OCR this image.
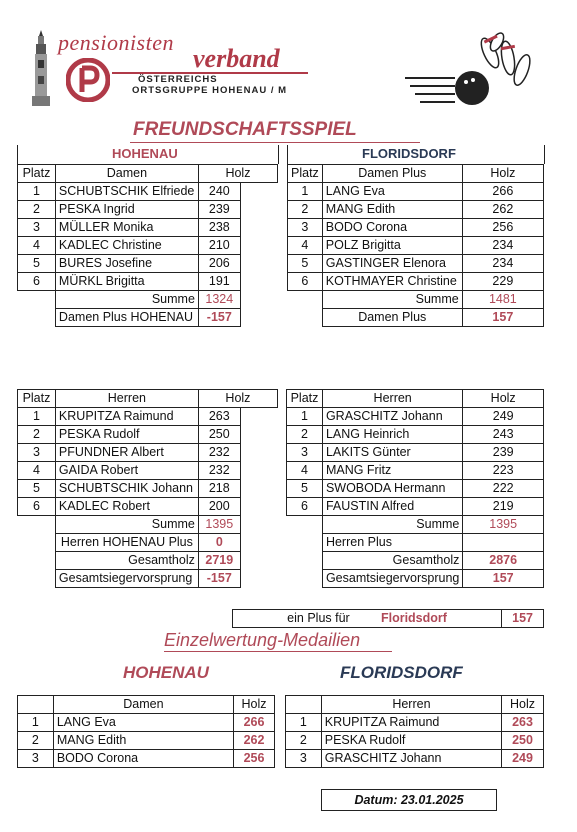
pensionisten
verband
ÖSTERREICHS
ORTSGRUPPE HOHENAU / M
FREUNDSCHAFTSSPIEL
HOHENAU	FLORIDSDORF
Platz	Damen	Holz	
1	SCHUBTSCHIK Elfriede	240	
2	PESKA Ingrid	239	
3	MÜLLER Monika	238	
4	KADLEC Christine	210	
5	BURES Josefine	206	
6	MÜRKL Brigitta	191	
	Summe	1324	
	Damen Plus HOHENAU	-157	
Platz	Damen Plus	Holz
1	LANG Eva	266
2	MANG Edith	262
3	BODO Corona	256
4	POLZ Brigitta	234
5	GASTINGER Elenora	234
6	KOTHMAYER Christine	229
	Summe	1481
	Damen Plus	157
Platz	Herren	Holz	
1	KRUPITZA Raimund	263	
2	PESKA Rudolf	250	
3	PFUNDNER Albert	232	
4	GAIDA Robert	232	
5	SCHUBTSCHIK Johann	218	
6	KADLEC Robert	200	
	Summe	1395	
	Herren HOHENAU Plus	0	
	Gesamtholz	2719	
	Gesamtsiegervorsprung	-157	
Platz	Herren	Holz
1	GRASCHITZ Johann	249
2	LANG Heinrich	243
3	LAKITS Günter	239
4	MANG Fritz	223
5	SWOBODA Hermann	222
6	FAUSTIN Alfred	219
	Summe	1395
	Herren Plus	
	Gesamtholz	2876
	Gesamtsiegervorsprung	157
ein Plus für	Floridsdorf	157
Einzelwertung-Medailien
HOHENAU	FLORIDSDORF
	Damen	Holz
1	LANG Eva	266
2	MANG Edith	262
3	BODO Corona	256
	Herren	Holz
1	KRUPITZA Raimund	263
2	PESKA Rudolf	250
3	GRASCHITZ Johann	249
Datum: 23.01.2025
